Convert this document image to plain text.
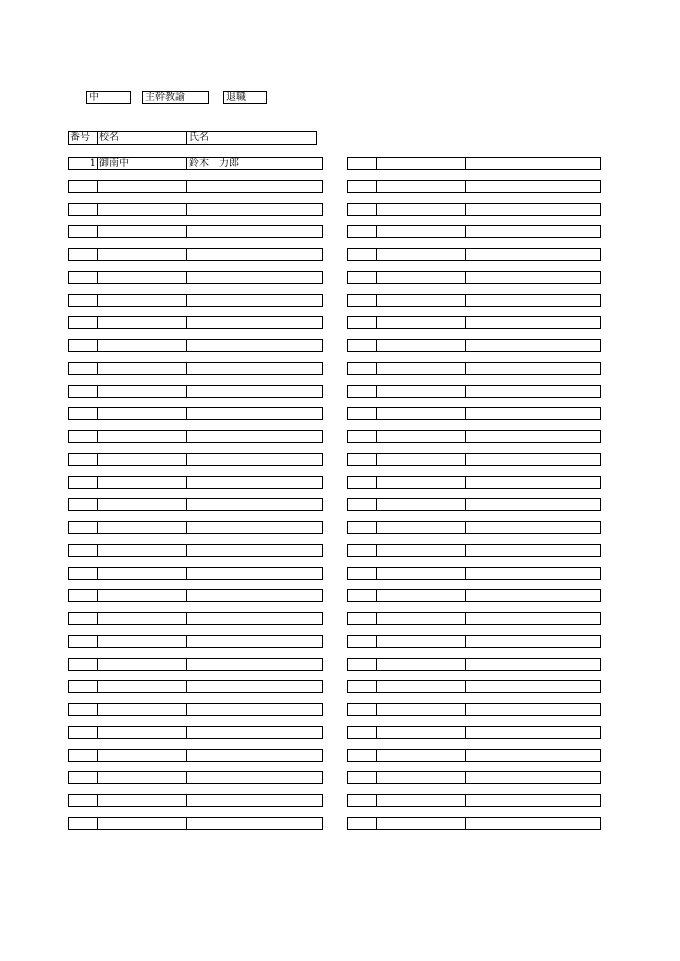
中	主幹教諭	退職
番号 校名	氏名
1 御南中	鈴木　力郎
